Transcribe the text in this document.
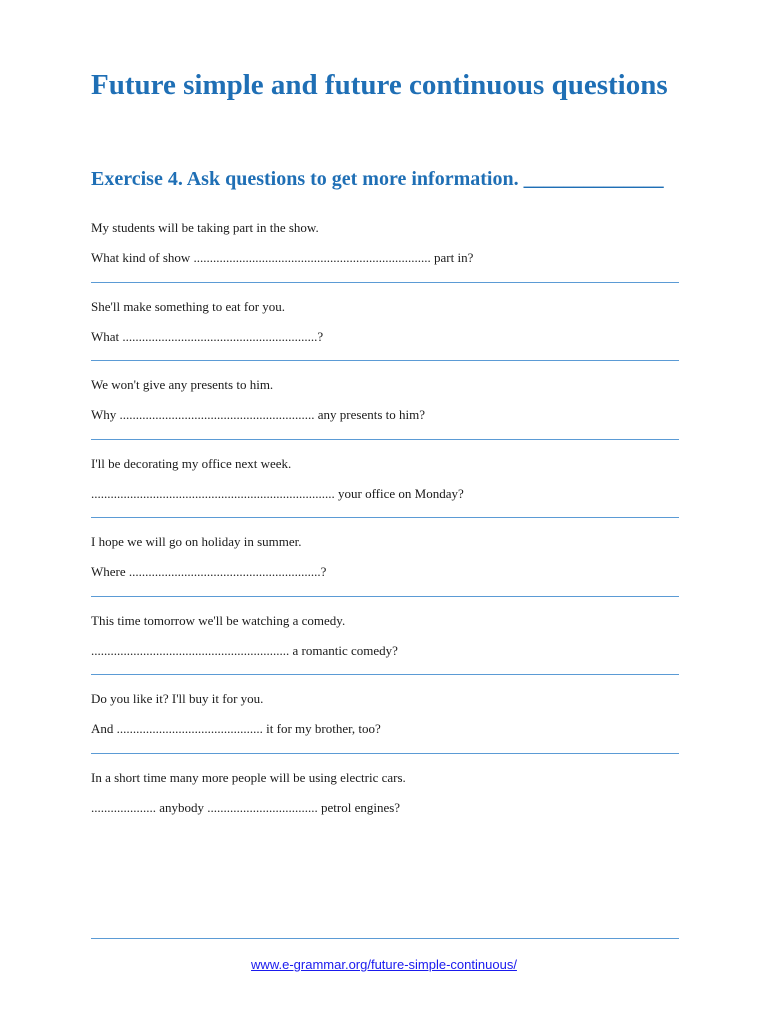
Future simple and future continuous questions
Exercise 4. Ask questions to get more information. ______________
My students will be taking part in the show.
What kind of show ......................................................................... part in?
She'll make something to eat for you.
What ............................................................?
We won't give any presents to him.
Why ............................................................ any presents to him?
I'll be decorating my office next week.
........................................................................... your office on Monday?
I hope we will go on holiday in summer.
Where ...........................................................?
This time tomorrow we'll be watching a comedy.
............................................................. a romantic comedy?
Do you like it? I'll buy it for you.
And ............................................. it for my brother, too?
In a short time many more people will be using electric cars.
.................... anybody .................................. petrol engines?
www.e-grammar.org/future-simple-continuous/
